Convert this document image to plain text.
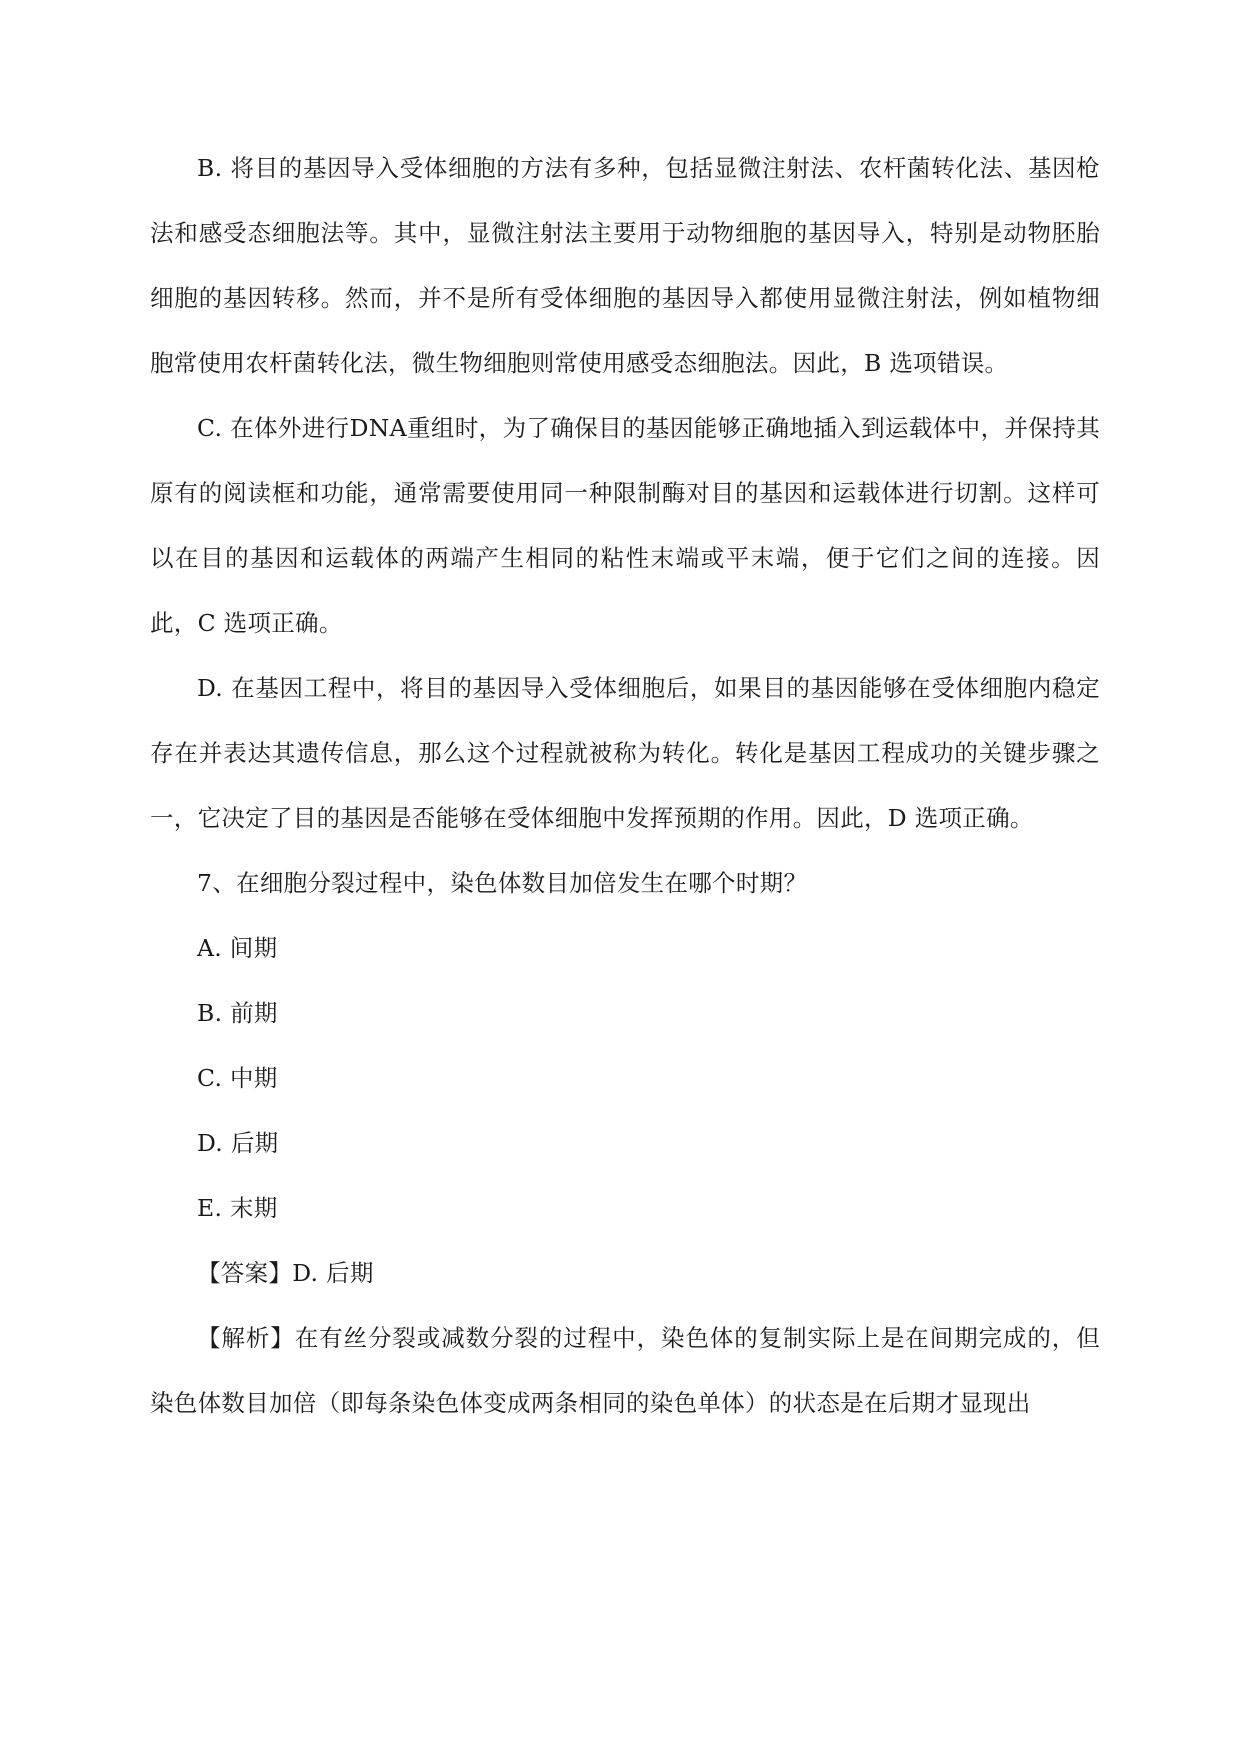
B. 将目的基因导入受体细胞的方法有多种，包括显微注射法、农杆菌转化法、基因枪法和感受态细胞法等。其中，显微注射法主要用于动物细胞的基因导入，特别是动物胚胎细胞的基因转移。然而，并不是所有受体细胞的基因导入都使用显微注射法，例如植物细胞常使用农杆菌转化法，微生物细胞则常使用感受态细胞法。因此，B 选项错误。

C. 在体外进行DNA重组时，为了确保目的基因能够正确地插入到运载体中，并保持其原有的阅读框和功能，通常需要使用同一种限制酶对目的基因和运载体进行切割。这样可以在目的基因和运载体的两端产生相同的粘性末端或平末端，便于它们之间的连接。因此，C 选项正确。

D. 在基因工程中，将目的基因导入受体细胞后，如果目的基因能够在受体细胞内稳定存在并表达其遗传信息，那么这个过程就被称为转化。转化是基因工程成功的关键步骤之一，它决定了目的基因是否能够在受体细胞中发挥预期的作用。因此，D 选项正确。

7、在细胞分裂过程中，染色体数目加倍发生在哪个时期？

A. 间期

B. 前期

C. 中期

D. 后期

E. 末期

【答案】D. 后期

【解析】在有丝分裂或减数分裂的过程中，染色体的复制实际上是在间期完成的，但染色体数目加倍（即每条染色体变成两条相同的染色单体）的状态是在后期才显现出
